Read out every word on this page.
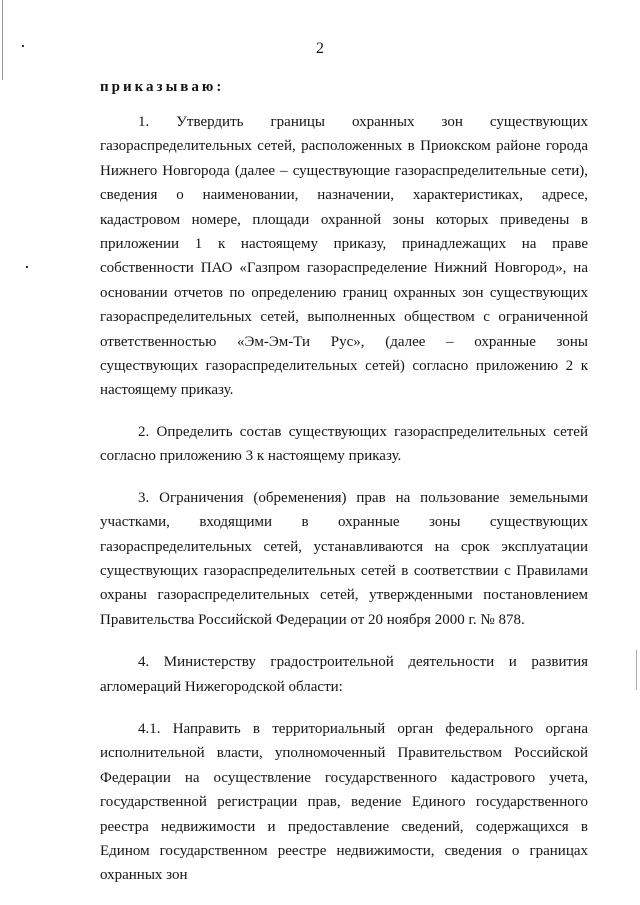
2
приказываю:

1. Утвердить границы охранных зон существующих газораспределительных сетей, расположенных в Приокском районе города Нижнего Новгорода (далее – существующие газораспределительные сети), сведения о наименовании, назначении, характеристиках, адресе, кадастровом номере, площади охранной зоны которых приведены в приложении 1 к настоящему приказу, принадлежащих на праве собственности ПАО «Газпром газораспределение Нижний Новгород», на основании отчетов по определению границ охранных зон существующих газораспределительных сетей, выполненных обществом с ограниченной ответственностью «Эм-Эм-Ти Рус», (далее – охранные зоны существующих газораспределительных сетей) согласно приложению 2 к настоящему приказу.

2. Определить состав существующих газораспределительных сетей согласно приложению 3 к настоящему приказу.

3. Ограничения (обременения) прав на пользование земельными участками, входящими в охранные зоны существующих газораспределительных сетей, устанавливаются на срок эксплуатации существующих газораспределительных сетей в соответствии с Правилами охраны газораспределительных сетей, утвержденными постановлением Правительства Российской Федерации от 20 ноября 2000 г. № 878.

4. Министерству градостроительной деятельности и развития агломераций Нижегородской области:

4.1. Направить в территориальный орган федерального органа исполнительной власти, уполномоченный Правительством Российской Федерации на осуществление государственного кадастрового учета, государственной регистрации прав, ведение Единого государственного реестра недвижимости и предоставление сведений, содержащихся в Едином государственном реестре недвижимости, сведения о границах охранных зон
